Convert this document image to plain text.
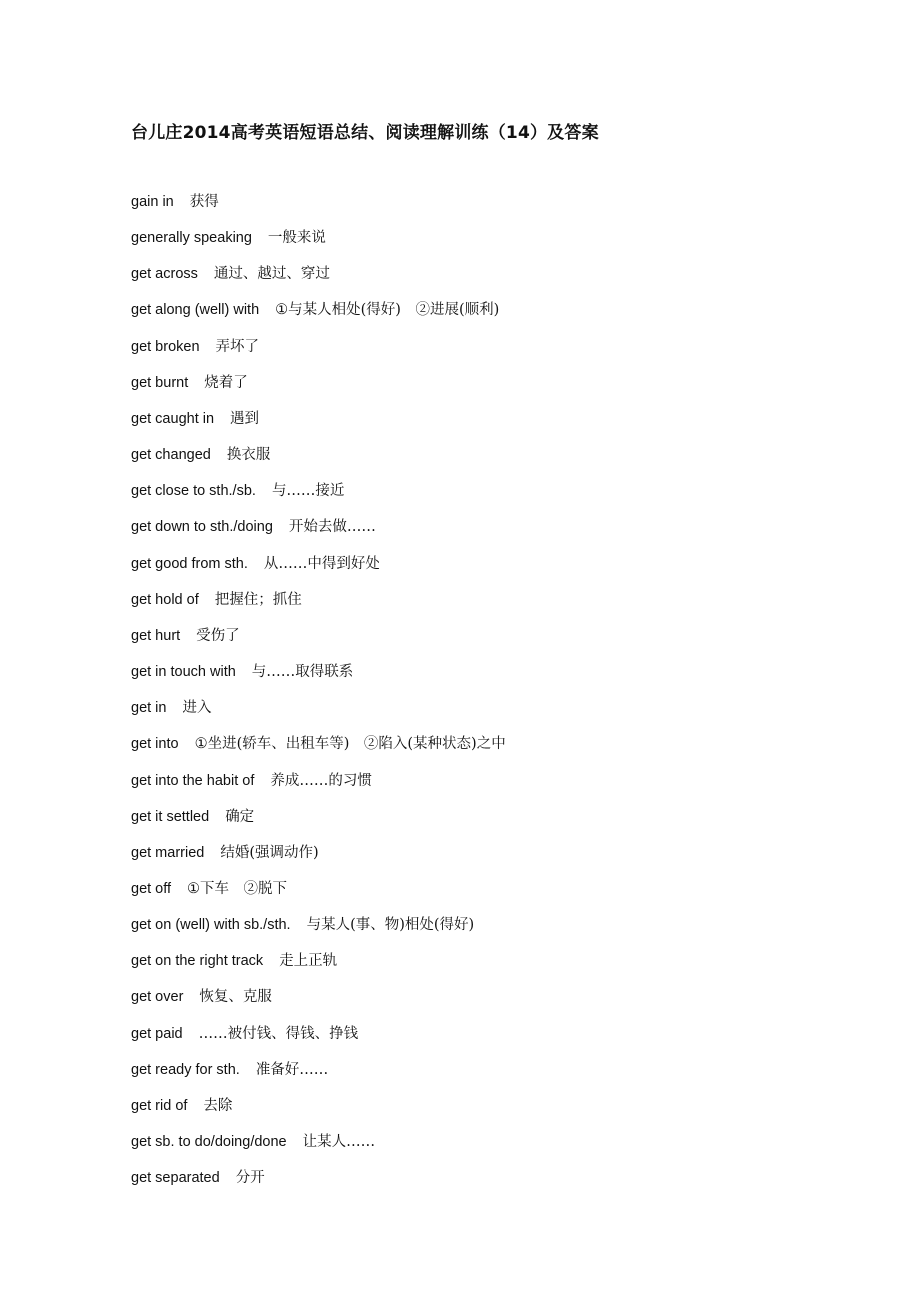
台儿庄2014高考英语短语总结、阅读理解训练（14）及答案
gain in 获得
generally speaking 一般来说
get across 通过、越过、穿过
get along (well) with ①与某人相处(得好)　②进展(顺利)
get broken 弄坏了
get burnt 烧着了
get caught in 遇到
get changed 换衣服
get close to sth./sb. 与……接近
get down to sth./doing 开始去做……
get good from sth. 从……中得到好处
get hold of 把握住；抓住
get hurt 受伤了
get in touch with 与……取得联系
get in 进入
get into ①坐进(轿车、出租车等)　②陷入(某种状态)之中
get into the habit of 养成……的习惯
get it settled 确定
get married 结婚(强调动作)
get off ①下车　②脱下
get on (well) with sb./sth. 与某人(事、物)相处(得好)
get on the right track 走上正轨
get over 恢复、克服
get paid ……被付钱、得钱、挣钱
get ready for sth. 准备好……
get rid of 去除
get sb. to do/doing/done 让某人……
get separated 分开
